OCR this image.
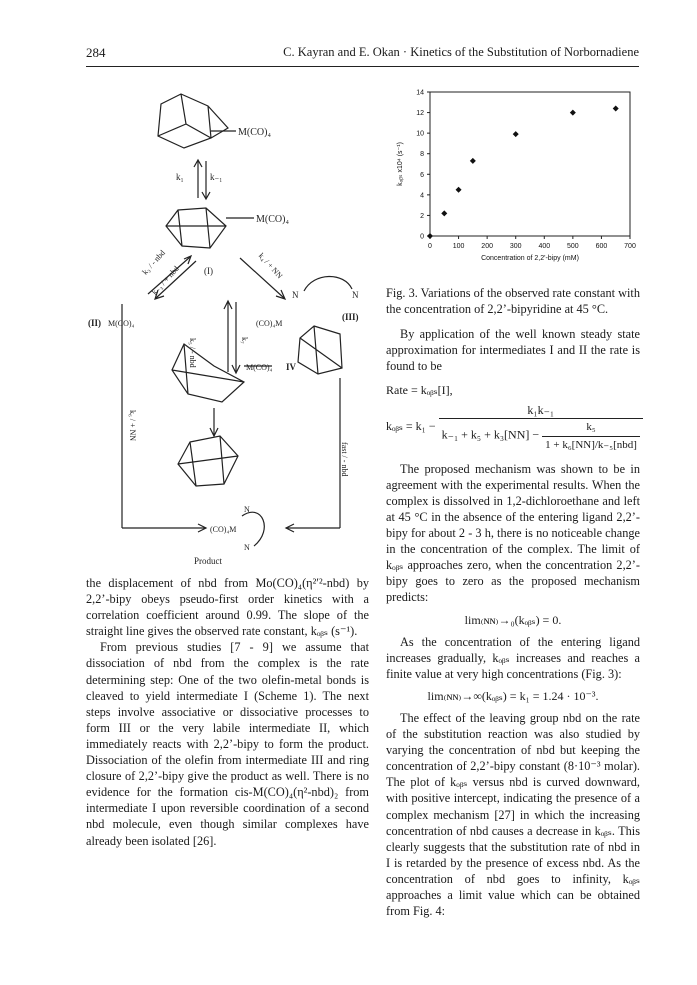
284	C. Kayran and E. Okan · Kinetics of the Substitution of Norbornadiene
M(CO)₄
k₁	k₋₁
M(CO)₄
(I)
k₃ / - nbd
k₋₃ / + nbd	k₄ / + NN
N	N
(II) M(CO)₄	(CO)₄M
(III)
k₅ / - nbd	k₇
M(CO)₄ IV
k₆ / + NN
fast / - nbd
N
(CO)₄M
N
Product
0	100 200 300 400 500 600 700
0
2
4
6
8
10
12
14
Concentration of 2,2'-bipy (mM)
kₒᵦₛ x10⁴ (s⁻¹)
Fig. 3. Variations of the observed rate constant with the concentration of 2,2’-bipyridine at 45 °C.

the displacement of nbd from Mo(CO)₄(η²′²-nbd) by 2,2’-bipy obeys pseudo-first order kinetics with a correlation coefficient around 0.99. The slope of the straight line gives the observed rate constant, kₒᵦₛ (s⁻¹).

From previous studies [7 - 9] we assume that dissociation of nbd from the complex is the rate determining step: One of the two olefin-metal bonds is cleaved to yield intermediate I (Scheme 1). The next steps involve associative or dissociative processes to form III or the very labile intermediate II, which immediately reacts with 2,2’-bipy to form the product. Dissociation of the olefin from intermediate III and ring closure of 2,2’-bipy give the product as well. There is no evidence for the formation cis-M(CO)₄(η²-nbd)₂ from intermediate I upon reversible coordination of a second nbd molecule, even though similar complexes have already been isolated [26].

By application of the well known steady state approximation for intermediates I and II the rate is found to be

Rate = kₒᵦₛ[I],

kₒᵦₛ = k₁ −
k₁k₋₁
$k_{-1} + k_5 + k_3[NN] - \frac{\text{k₅}}{\text{1 + k₆[NN]/k₋₅[nbd]}}$

The proposed mechanism was shown to be in agreement with the experimental results. When the complex is dissolved in 1,2-dichloroethane and left at 45 °C in the absence of the entering ligand 2,2’-bipy for about 2 - 3 h, there is no noticeable change in the concentration of the complex. The limit of kₒᵦₛ approaches zero, when the concentration 2,2’-bipy goes to zero as the proposed mechanism predicts:

lim₍ɴɴ₎→₀(kₒᵦₛ) = 0.

As the concentration of the entering ligand increases gradually, kₒᵦₛ increases and reaches a finite value at very high concentrations (Fig. 3):

lim₍ɴɴ₎→∞(kₒᵦₛ) = k₁ = 1.24 · 10⁻³.

The effect of the leaving group nbd on the rate of the substitution reaction was also studied by varying the concentration of nbd but keeping the concentration of 2,2’-bipy constant (8·10⁻³ molar). The plot of kₒᵦₛ versus nbd is curved downward, with positive intercept, indicating the presence of a complex mechanism [27] in which the increasing concentration of nbd causes a decrease in kₒᵦₛ. This clearly suggests that the substitution rate of nbd in I is retarded by the presence of excess nbd. As the concentration of nbd goes to infinity, kₒᵦₛ approaches a limit value which can be obtained from Fig. 4:
